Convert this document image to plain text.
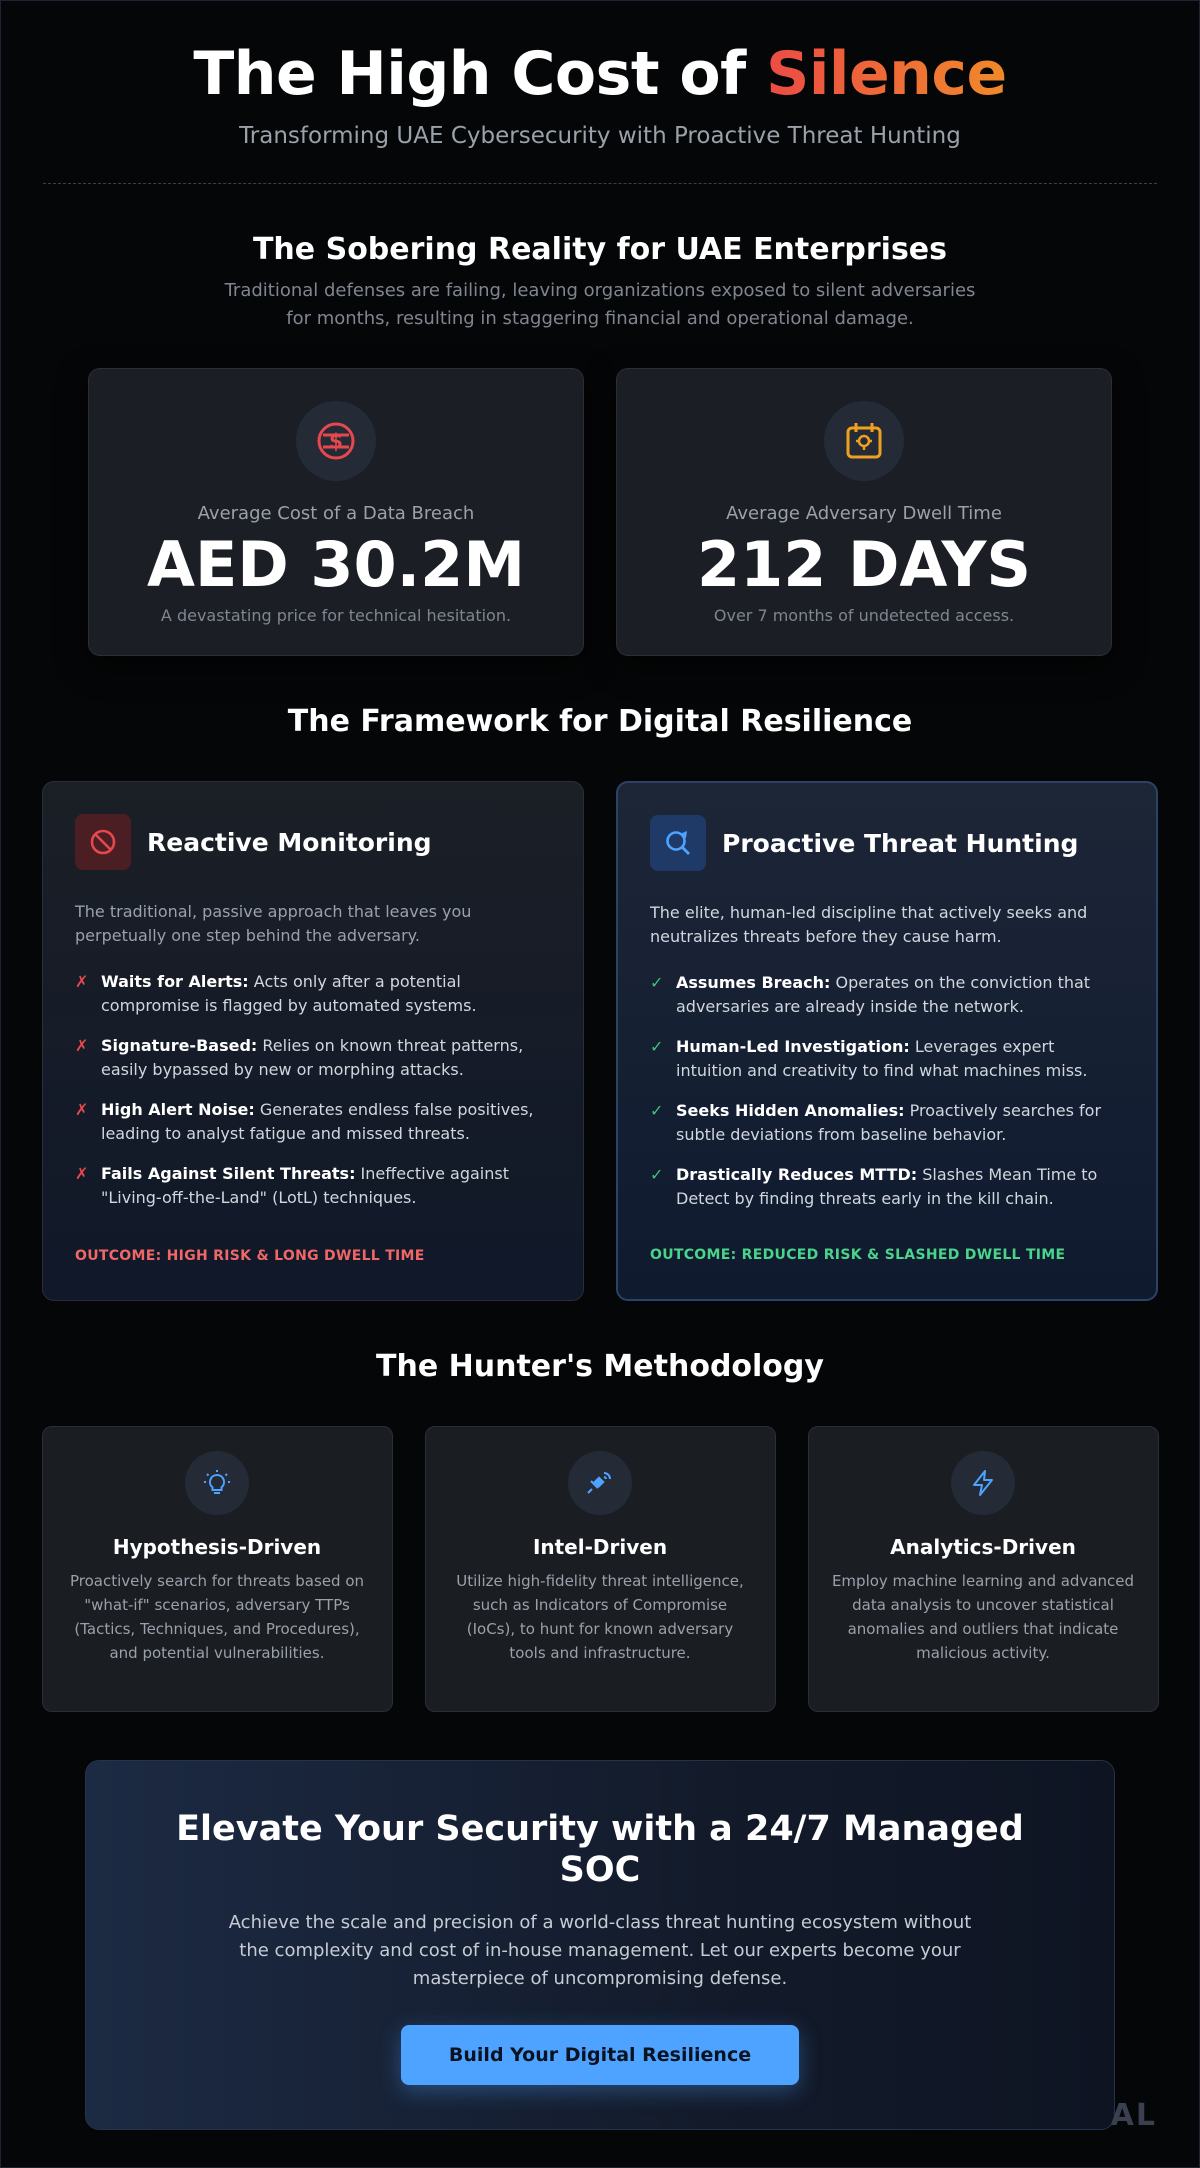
The High Cost of Silence
Transforming UAE Cybersecurity with Proactive Threat Hunting
The Sobering Reality for UAE Enterprises
Traditional defenses are failing, leaving organizations exposed to silent adversaries for months, resulting in staggering financial and operational damage.
$
Average Cost of a Data Breach
AED 30.2M
A devastating price for technical hesitation.
Average Adversary Dwell Time
212 DAYS
Over 7 months of undetected access.
The Framework for Digital Resilience
Reactive Monitoring
The traditional, passive approach that leaves you perpetually one step behind the adversary.
✗ Waits for Alerts: Acts only after a potential compromise is flagged by automated systems.
✗ Signature-Based: Relies on known threat patterns, easily bypassed by new or morphing attacks.
✗ High Alert Noise: Generates endless false positives, leading to analyst fatigue and missed threats.
✗ Fails Against Silent Threats: Ineffective against "Living-off-the-Land" (LotL) techniques.
OUTCOME: HIGH RISK & LONG DWELL TIME
Proactive Threat Hunting
The elite, human-led discipline that actively seeks and neutralizes threats before they cause harm.
✓ Assumes Breach: Operates on the conviction that adversaries are already inside the network.
✓ Human-Led Investigation: Leverages expert intuition and creativity to find what machines miss.
✓ Seeks Hidden Anomalies: Proactively searches for subtle deviations from baseline behavior.
✓ Drastically Reduces MTTD: Slashes Mean Time to Detect by finding threats early in the kill chain.
OUTCOME: REDUCED RISK & SLASHED DWELL TIME
The Hunter's Methodology
Hypothesis-Driven
Proactively search for threats based on "what-if" scenarios, adversary TTPs (Tactics, Techniques, and Procedures), and potential vulnerabilities.
Intel-Driven
Utilize high-fidelity threat intelligence, such as Indicators of Compromise (IoCs), to hunt for known adversary tools and infrastructure.
Analytics-Driven
Employ machine learning and advanced data analysis to uncover statistical anomalies and outliers that indicate malicious activity.
Elevate Your Security with a 24/7 Managed SOC

Achieve the scale and precision of a world-class threat hunting ecosystem without the complexity and cost of in-house management. Let our experts become your masterpiece of uncompromising defense.

Build Your Digital Resilience
AL
